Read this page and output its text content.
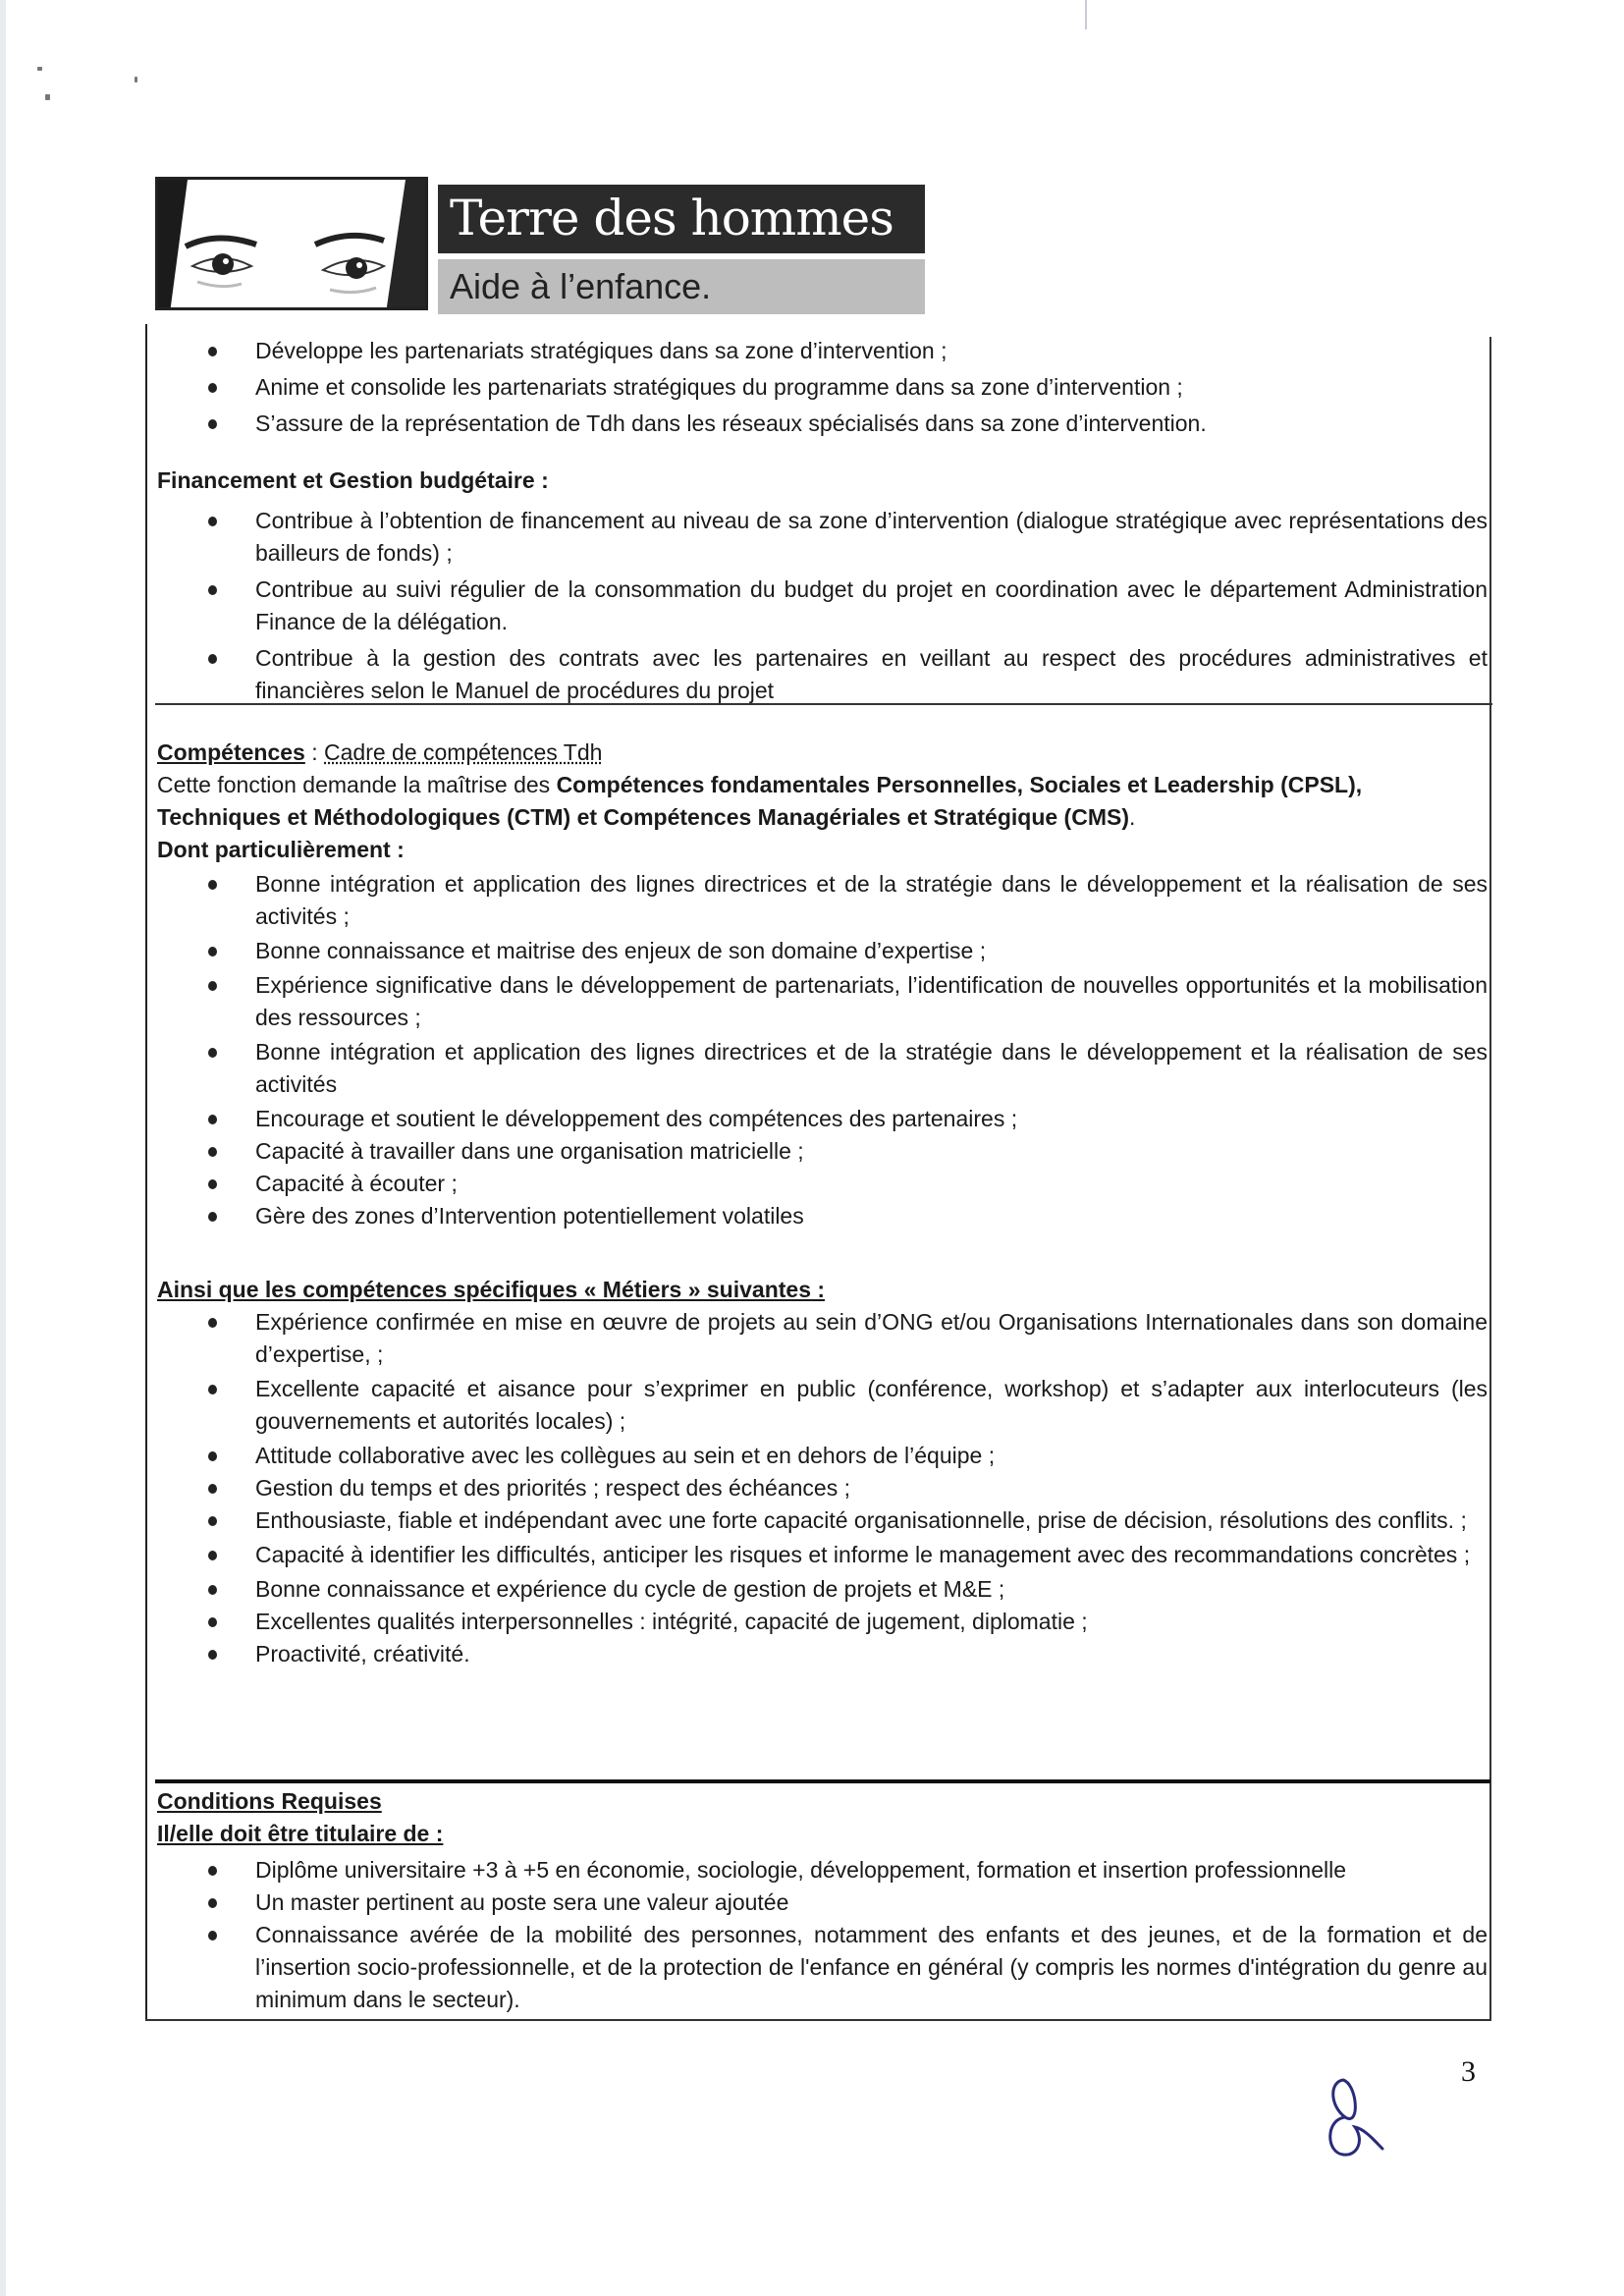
Terre des hommes
Aide à l’enfance.
Développe les partenariats stratégiques dans sa zone d’intervention ;
Anime et consolide les partenariats stratégiques du programme dans sa zone d’intervention ;
S’assure de la représentation de Tdh dans les réseaux spécialisés dans sa zone d’intervention.
Financement et Gestion budgétaire :
Contribue à l’obtention de financement au niveau de sa zone d’intervention (dialogue stratégique avec représentations des bailleurs de fonds) ;
Contribue au suivi régulier de la consommation du budget du projet en coordination avec le département Administration Finance de la délégation.
Contribue à la gestion des contrats avec les partenaires en veillant au respect des procédures administratives et financières selon le Manuel de procédures du projet
Compétences : Cadre de compétences Tdh

Cette fonction demande la maîtrise des Compétences fondamentales Personnelles, Sociales et Leadership (CPSL), Techniques et Méthodologiques (CTM) et Compétences Managériales et Stratégique (CMS).

Dont particulièrement :
Bonne intégration et application des lignes directrices et de la stratégie dans le développement et la réalisation de ses activités ;
Bonne connaissance et maitrise des enjeux de son domaine d’expertise ;
Expérience significative dans le développement de partenariats, l’identification de nouvelles opportunités et la mobilisation des ressources ;
Bonne intégration et application des lignes directrices et de la stratégie dans le développement et la réalisation de ses activités
Encourage et soutient le développement des compétences des partenaires ;
Capacité à travailler dans une organisation matricielle ;
Capacité à écouter ;
Gère des zones d’Intervention potentiellement volatiles
Ainsi que les compétences spécifiques « Métiers » suivantes :
Expérience confirmée en mise en œuvre de projets au sein d’ONG et/ou Organisations Internationales dans son domaine d’expertise, ;
Excellente capacité et aisance pour s’exprimer en public (conférence, workshop) et s’adapter aux interlocuteurs (les gouvernements et autorités locales) ;
Attitude collaborative avec les collègues au sein et en dehors de l’équipe ;
Gestion du temps et des priorités ; respect des échéances ;
Enthousiaste, fiable et indépendant avec une forte capacité organisationnelle, prise de décision, résolutions des conflits. ;
Capacité à identifier les difficultés, anticiper les risques et informe le management avec des recommandations concrètes ;
Bonne connaissance et expérience du cycle de gestion de projets et M&E ;
Excellentes qualités interpersonnelles : intégrité, capacité de jugement, diplomatie ;
Proactivité, créativité.
Conditions Requises
Il/elle doit être titulaire de :
Diplôme universitaire +3 à +5 en économie, sociologie, développement, formation et insertion professionnelle
Un master pertinent au poste sera une valeur ajoutée
Connaissance avérée de la mobilité des personnes, notamment des enfants et des jeunes, et de la formation et de l’insertion socio-professionnelle, et de la protection de l'enfance en général (y compris les normes d'intégration du genre au minimum dans le secteur).
3
